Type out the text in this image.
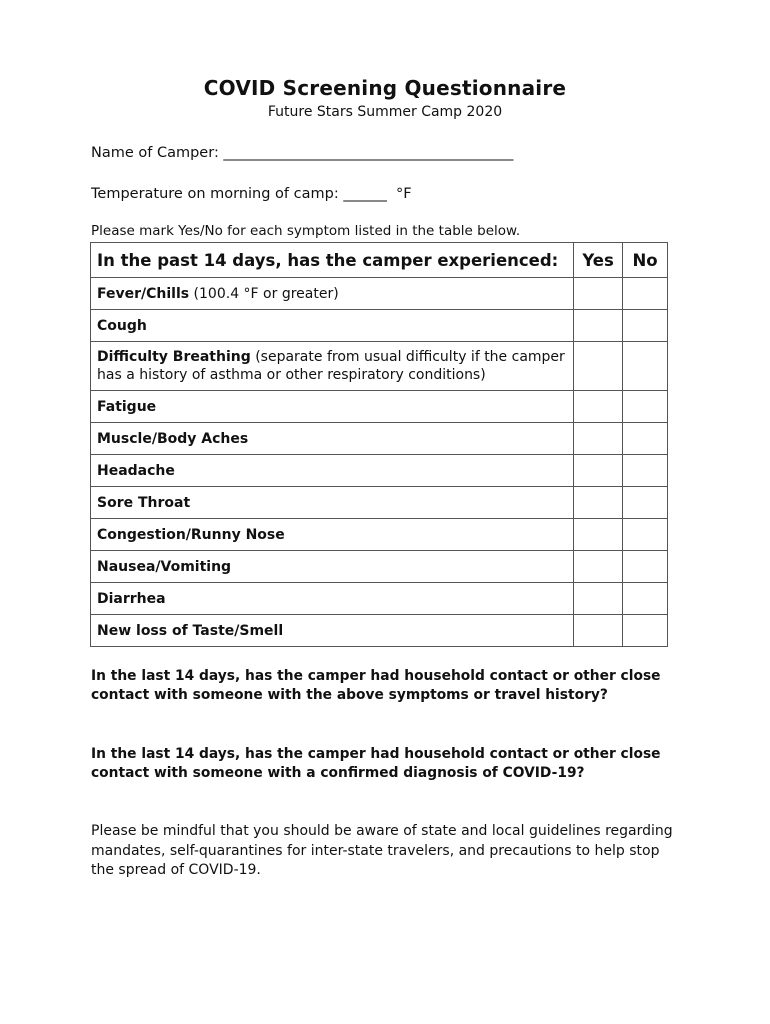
COVID Screening Questionnaire
Future Stars Summer Camp 2020
Name of Camper: ________________________________________
Temperature on morning of camp: ______  °F
Please mark Yes/No for each symptom listed in the table below.
In the past 14 days, has the camper experienced:	Yes	No
Fever/Chills (100.4 °F or greater)		
Cough		
Difficulty Breathing (separate from usual difficulty if the camper has a history of asthma or other respiratory conditions)		
Fatigue		
Muscle/Body Aches		
Headache		
Sore Throat		
Congestion/Runny Nose		
Nausea/Vomiting		
Diarrhea		
New loss of Taste/Smell		
In the last 14 days, has the camper had household contact or other close contact with someone with the above symptoms or travel history?
In the last 14 days, has the camper had household contact or other close contact with someone with a confirmed diagnosis of COVID-19?
Please be mindful that you should be aware of state and local guidelines regarding mandates, self-quarantines for inter-state travelers, and precautions to help stop the spread of COVID-19.
